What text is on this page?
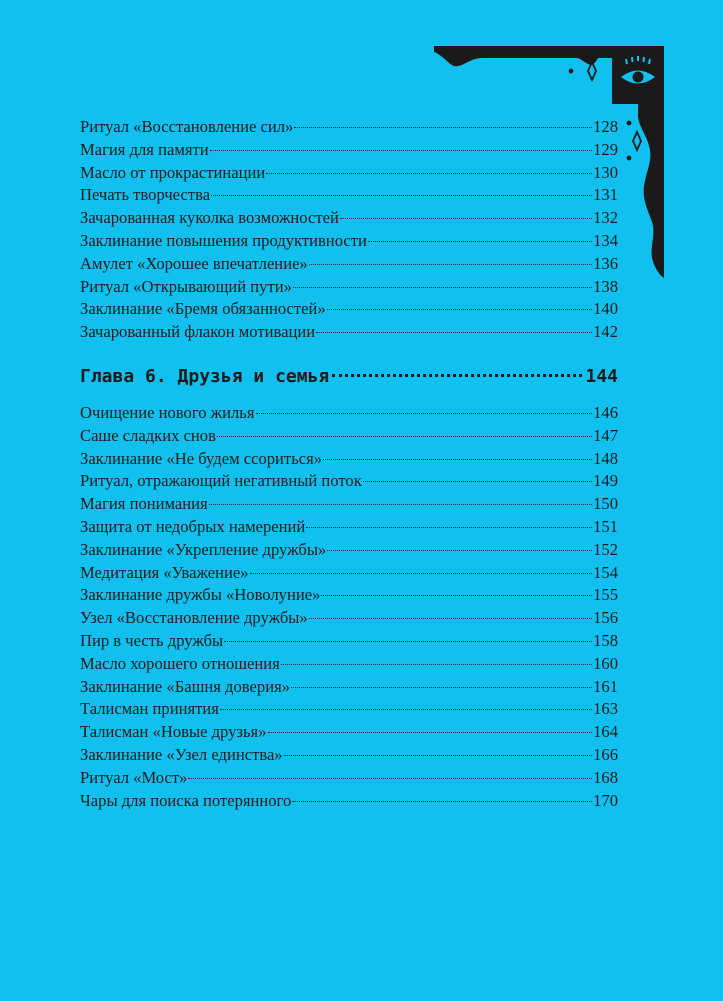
Ритуал «Восстановление сил»	128
Магия для памяти	129
Масло от прокрастинации	130
Печать творчества	131
Зачарованная куколка возможностей	132
Заклинание повышения продуктивности	134
Амулет «Хорошее впечатление»	136
Ритуал «Открывающий пути»	138
Заклинание «Бремя обязанностей»	140
Зачарованный флакон мотивации	142
Глава 6. Друзья и семья	144
Очищение нового жилья	146
Саше сладких снов	147
Заклинание «Не будем ссориться»	148
Ритуал, отражающий негативный поток	149
Магия понимания	150
Защита от недобрых намерений	151
Заклинание «Укрепление дружбы»	152
Медитация «Уважение»	154
Заклинание дружбы «Новолуние»	155
Узел «Восстановление дружбы»	156
Пир в честь дружбы	158
Масло хорошего отношения	160
Заклинание «Башня доверия»	161
Талисман принятия	163
Талисман «Новые друзья»	164
Заклинание «Узел единства»	166
Ритуал «Мост»	168
Чары для поиска потерянного	170
